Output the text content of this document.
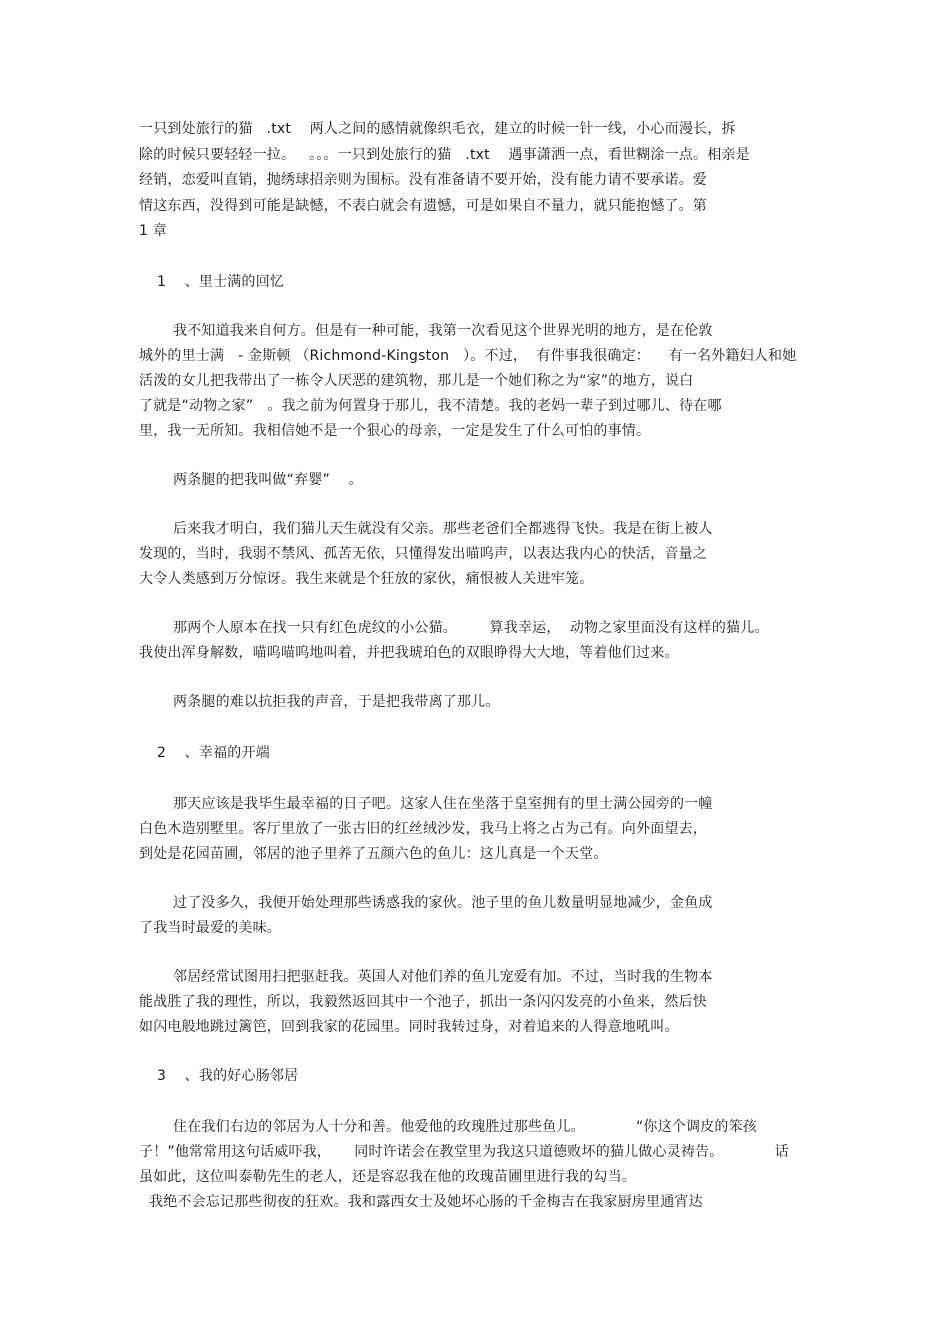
一只到处旅行的猫   .txt    两人之间的感情就像织毛衣，建立的时候一针一线，小心而漫长，拆
除的时候只要轻轻一拉。   。。。一只到处旅行的猫   .txt    遇事潇洒一点，看世糊涂一点。相亲是
经销，恋爱叫直销，抛绣球招亲则为围标。没有准备请不要开始，没有能力请不要承诺。爱
情这东西，没得到可能是缺憾，不表白就会有遗憾，可是如果自不量力，就只能抱憾了。第
1 章
1    、里士满的回忆
我不知道我来自何方。但是有一种可能，我第一次看见这个世界光明的地方，是在伦敦
城外的里士满   - 金斯顿 （Richmond-Kingston   ）。不过，  有件事我很确定：    有一名外籍妇人和她
活泼的女儿把我带出了一栋令人厌恶的建筑物，那儿是一个她们称之为“家”的地方，说白
了就是“动物之家”   。我之前为何置身于那儿，我不清楚。我的老妈一辈子到过哪儿、待在哪
里，我一无所知。我相信她不是一个狠心的母亲，一定是发生了什么可怕的事情。
两条腿的把我叫做“弃婴”    。
后来我才明白，我们猫儿天生就没有父亲。那些老爸们全都逃得飞快。我是在街上被人
发现的，当时，我弱不禁风、孤苦无依，只懂得发出喵呜声，以表达我内心的快活，音量之
大令人类感到万分惊讶。我生来就是个狂放的家伙，痛恨被人关进牢笼。
那两个人原本在找一只有红色虎纹的小公猫。       算我幸运，  动物之家里面没有这样的猫儿。
我使出浑身解数，喵呜喵呜地叫着，并把我琥珀色的双眼睁得大大地，等着他们过来。
两条腿的难以抗拒我的声音，于是把我带离了那儿。
2    、幸福的开端
那天应该是我毕生最幸福的日子吧。这家人住在坐落于皇室拥有的里士满公园旁的一幢
白色木造别墅里。客厅里放了一张古旧的红丝绒沙发，我马上将之占为己有。向外面望去，
到处是花园苗圃，邻居的池子里养了五颜六色的鱼儿：这儿真是一个天堂。
过了没多久，我便开始处理那些诱惑我的家伙。池子里的鱼儿数量明显地减少，金鱼成
了我当时最爱的美味。
邻居经常试图用扫把驱赶我。英国人对他们养的鱼儿宠爱有加。不过，当时我的生物本
能战胜了我的理性，所以，我毅然返回其中一个池子，抓出一条闪闪发亮的小鱼来，然后快
如闪电般地跳过篱笆，回到我家的花园里。同时我转过身，对着追来的人得意地吼叫。
3    、我的好心肠邻居
住在我们右边的邻居为人十分和善。他爱他的玫瑰胜过那些鱼儿。           “你这个调皮的笨孩
子！”他常常用这句话威吓我，     同时许诺会在教堂里为我这只道德败坏的猫儿做心灵祷告。           话
虽如此，这位叫泰勒先生的老人，还是容忍我在他的玫瑰苗圃里进行我的勾当。
我绝不会忘记那些彻夜的狂欢。我和露西女士及她坏心肠的千金梅吉在我家厨房里通宵达
